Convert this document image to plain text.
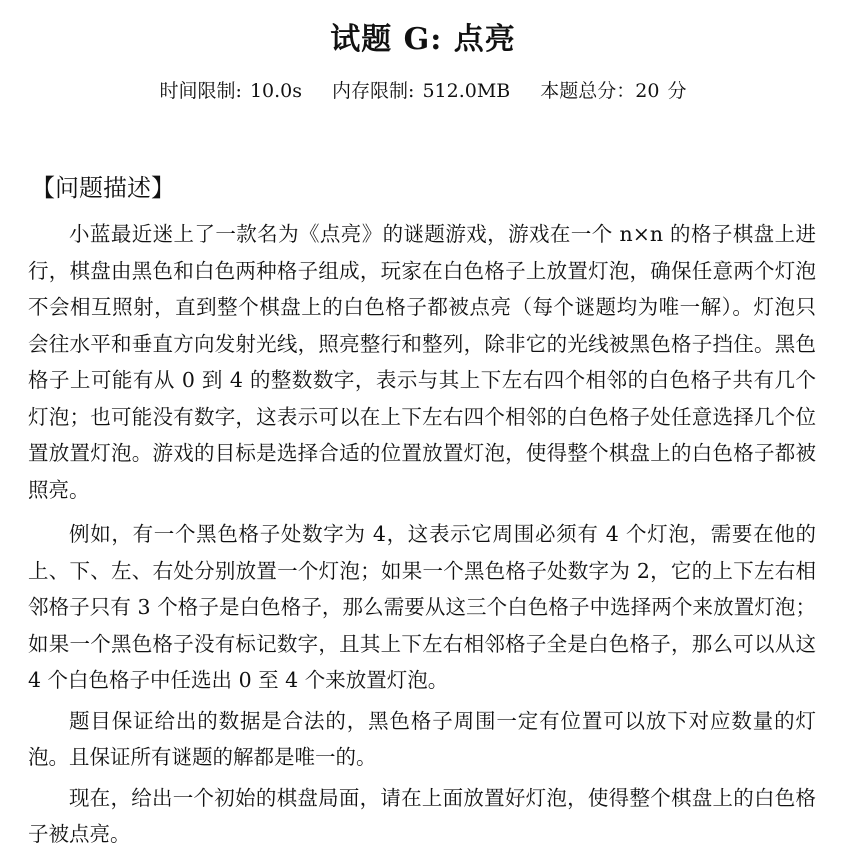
试题 G: 点亮
时间限制: 10.0s 内存限制: 512.0MB 本题总分：20 分
【问题描述】

小蓝最近迷上了一款名为《点亮》的谜题游戏，游戏在一个 n×n 的格子棋盘上进行，棋盘由黑色和白色两种格子组成，玩家在白色格子上放置灯泡，确保任意两个灯泡不会相互照射，直到整个棋盘上的白色格子都被点亮（每个谜题均为唯一解）。灯泡只会往水平和垂直方向发射光线，照亮整行和整列，除非它的光线被黑色格子挡住。黑色格子上可能有从 0 到 4 的整数数字，表示与其上下左右四个相邻的白色格子共有几个灯泡；也可能没有数字，这表示可以在上下左右四个相邻的白色格子处任意选择几个位置放置灯泡。游戏的目标是选择合适的位置放置灯泡，使得整个棋盘上的白色格子都被照亮。

例如，有一个黑色格子处数字为 4，这表示它周围必须有 4 个灯泡，需要在他的上、下、左、右处分别放置一个灯泡；如果一个黑色格子处数字为 2，它的上下左右相邻格子只有 3 个格子是白色格子，那么需要从这三个白色格子中选择两个来放置灯泡；如果一个黑色格子没有标记数字，且其上下左右相邻格子全是白色格子，那么可以从这 4 个白色格子中任选出 0 至 4 个来放置灯泡。

题目保证给出的数据是合法的，黑色格子周围一定有位置可以放下对应数量的灯泡。且保证所有谜题的解都是唯一的。

现在，给出一个初始的棋盘局面，请在上面放置好灯泡，使得整个棋盘上的白色格子被点亮。
